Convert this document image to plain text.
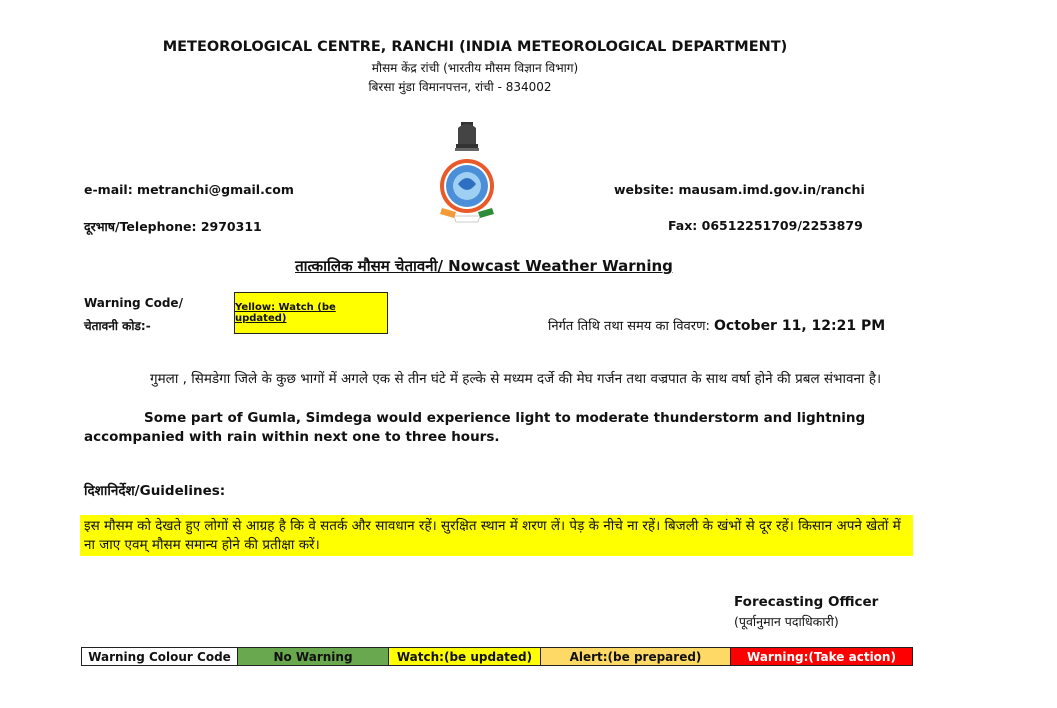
METEOROLOGICAL CENTRE, RANCHI (INDIA METEOROLOGICAL DEPARTMENT)
मौसम केंद्र रांची (भारतीय मौसम विज्ञान विभाग)
बिरसा मुंडा विमानपत्तन, रांची - 834002
e-mail: metranchi@gmail.com	website: mausam.imd.gov.in/ranchi
दूरभाष/Telephone: 2970311	Fax: 06512251709/2253879
तात्कालिक मौसम चेतावनी/ Nowcast Weather Warning
Warning Code/
चेतावनी कोड:-
Yellow: Watch (be updated)
निर्गत तिथि तथा समय का विवरण: October 11, 12:21 PM
गुमला , सिमडेगा जिले के कुछ भागों में अगले एक से तीन घंटे में हल्के से मध्यम दर्जे की मेघ गर्जन तथा वज्रपात के साथ वर्षा होने की प्रबल संभावना है।
Some part of Gumla, Simdega would experience light to moderate thunderstorm and lightning accompanied with rain within next one to three hours.
दिशानिर्देश/Guidelines:
इस मौसम को देखते हुए लोगों से आग्रह है कि वे सतर्क और सावधान रहें। सुरक्षित स्थान में शरण लें। पेड़ के नीचे ना रहें। बिजली के खंभों से दूर रहें। किसान अपने खेतों में ना जाए एवम् मौसम समान्य होने की प्रतीक्षा करें।
Forecasting Officer
(पूर्वानुमान पदाधिकारी)
Warning Colour Code	No Warning	Watch:(be updated)	Alert:(be prepared)	Warning:(Take action)
